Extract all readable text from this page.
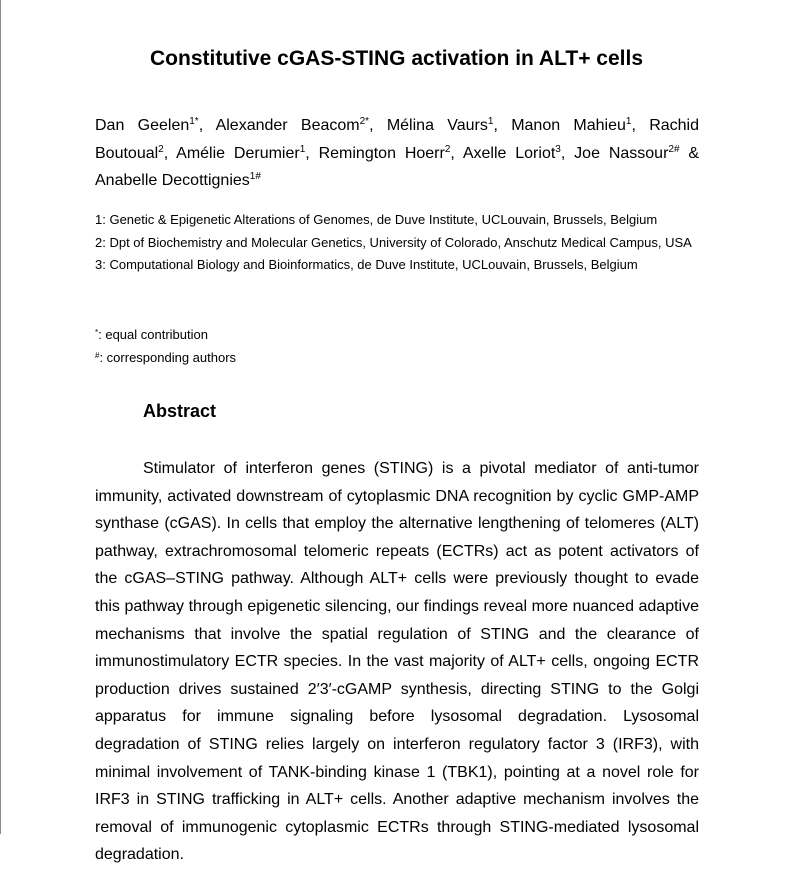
Constitutive cGAS-STING activation in ALT+ cells
Dan Geelen$^{1*}$, Alexander Beacom$^{2*}$, Mélina Vaurs$^1$, Manon Mahieu$^1$, Rachid Boutoual$^2$, Amélie Derumier$^1$, Remington Hoerr$^2$, Axelle Loriot$^3$, Joe Nassour$^{2\#}$ & Anabelle Decottignies$^{1\#}$
1: Genetic & Epigenetic Alterations of Genomes, de Duve Institute, UCLouvain, Brussels, Belgium
2: Dpt of Biochemistry and Molecular Genetics, University of Colorado, Anschutz Medical Campus, USA
3: Computational Biology and Bioinformatics, de Duve Institute, UCLouvain, Brussels, Belgium
*: equal contribution
#: corresponding authors
Abstract

Stimulator of interferon genes (STING) is a pivotal mediator of anti-tumor immunity, activated downstream of cytoplasmic DNA recognition by cyclic GMP-AMP synthase (cGAS). In cells that employ the alternative lengthening of telomeres (ALT) pathway, extrachromosomal telomeric repeats (ECTRs) act as potent activators of the cGAS–STING pathway. Although ALT+ cells were previously thought to evade this pathway through epigenetic silencing, our findings reveal more nuanced adaptive mechanisms that involve the spatial regulation of STING and the clearance of immunostimulatory ECTR species. In the vast majority of ALT+ cells, ongoing ECTR production drives sustained 2′3′-cGAMP synthesis, directing STING to the Golgi apparatus for immune signaling before lysosomal degradation. Lysosomal degradation of STING relies largely on interferon regulatory factor 3 (IRF3), with minimal involvement of TANK-binding kinase 1 (TBK1), pointing at a novel role for IRF3 in STING trafficking in ALT+ cells. Another adaptive mechanism involves the removal of immunogenic cytoplasmic ECTRs through STING-mediated lysosomal degradation.
